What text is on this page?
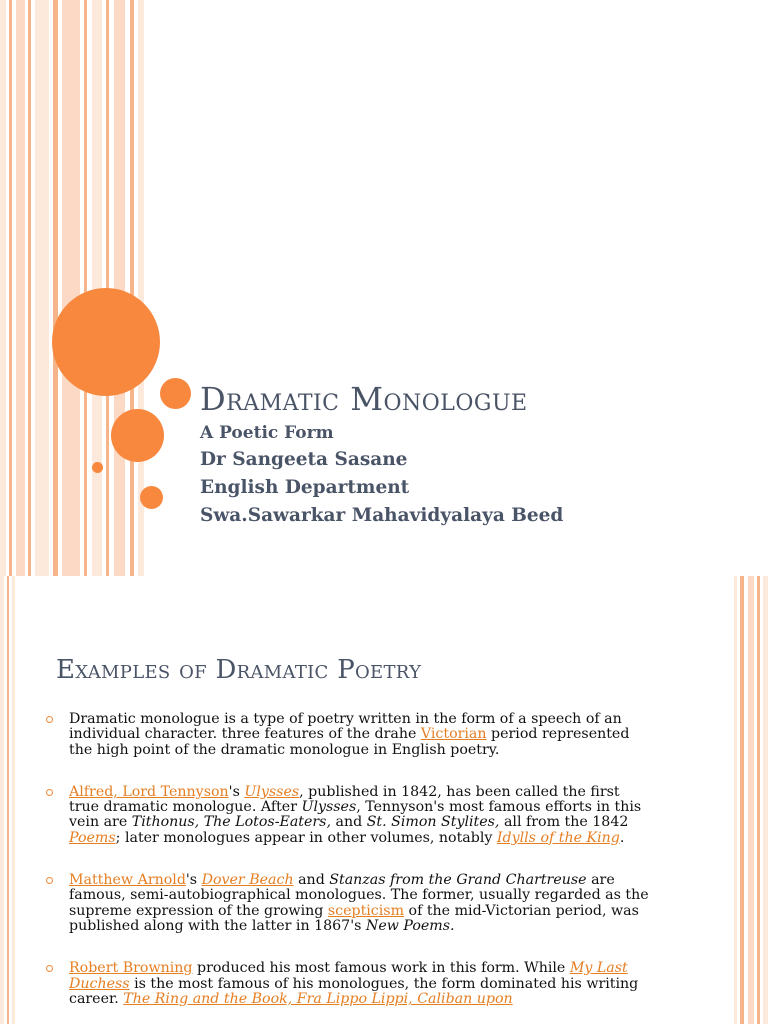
Dramatic Monologue

A Poetic Form

Dr Sangeeta Sasane

English Department

Swa.Sawarkar Mahavidyalaya Beed

Examples of Dramatic Poetry
Dramatic monologue is a type of poetry written in the form of a speech of an individual character. three features of the drahe Victorian period represented the high point of the dramatic monologue in English poetry.
Alfred, Lord Tennyson's Ulysses, published in 1842, has been called the first true dramatic monologue. After Ulysses, Tennyson's most famous efforts in this vein are Tithonus, The Lotos-Eaters, and St. Simon Stylites, all from the 1842 Poems; later monologues appear in other volumes, notably Idylls of the King.
Matthew Arnold's Dover Beach and Stanzas from the Grand Chartreuse are famous, semi-autobiographical monologues. The former, usually regarded as the supreme expression of the growing scepticism of the mid-Victorian period, was published along with the latter in 1867's New Poems.
Robert Browning produced his most famous work in this form. While My Last Duchess is the most famous of his monologues, the form dominated his writing career. The Ring and the Book, Fra Lippo Lippi, Caliban upon
